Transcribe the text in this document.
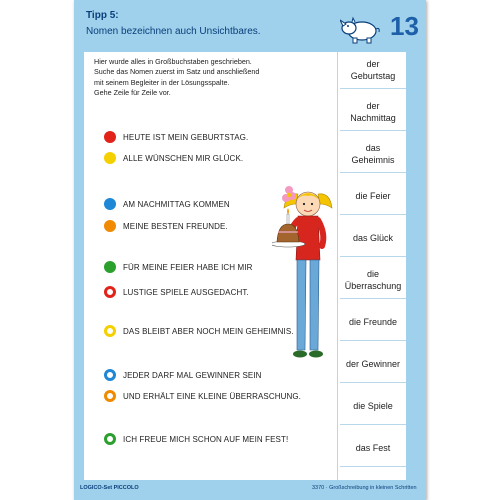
Tipp 5:
Nomen bezeichnen auch Unsichtbares.	13
Hier wurde alles in Großbuchstaben geschrieben.
Suche das Nomen zuerst im Satz und anschließend
mit seinem Begleiter in der Lösungsspalte.
Gehe Zeile für Zeile vor.
HEUTE IST MEIN GEBURTSTAG.
ALLE WÜNSCHEN MIR GLÜCK.
AM NACHMITTAG KOMMEN
MEINE BESTEN FREUNDE.
FÜR MEINE FEIER HABE ICH MIR
LUSTIGE SPIELE AUSGEDACHT.
DAS BLEIBT ABER NOCH MEIN GEHEIMNIS.
JEDER DARF MAL GEWINNER SEIN
UND ERHÄLT EINE KLEINE ÜBERRASCHUNG.
ICH FREUE MICH SCHON AUF MEIN FEST!
der
Geburtstag
der
Nachmittag
das
Geheimnis
die Feier
das Glück
die
Überraschung
die Freunde
der Gewinner
die Spiele
das Fest
LOGICO-Set PICCOLO	3370 · Großschreibung in kleinen Schritten
